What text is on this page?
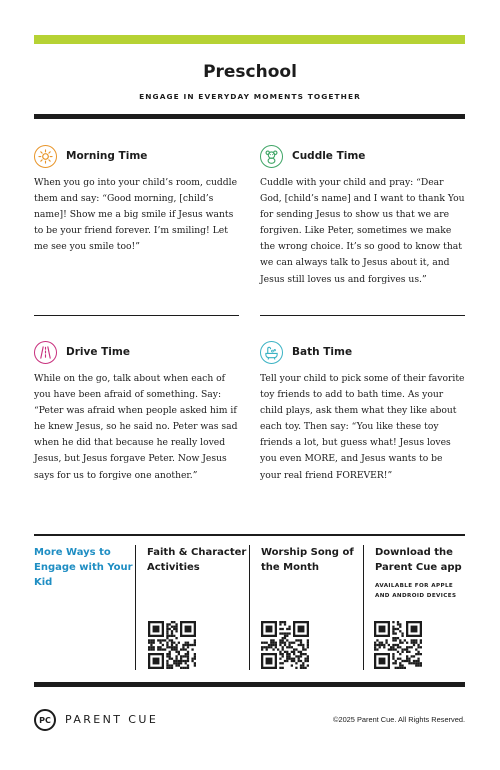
Preschool
ENGAGE IN EVERYDAY MOMENTS TOGETHER
Morning Time
When you go into your child’s room, cuddle them and say: “Good morning, [child’s name]! Show me a big smile if Jesus wants to be your friend forever. I’m smiling! Let me see you smile too!”
Cuddle Time
Cuddle with your child and pray: “Dear God, [child’s name] and I want to thank You for sending Jesus to show us that we are forgiven. Like Peter, sometimes we make the wrong choice. It’s so good to know that we can always talk to Jesus about it, and Jesus still loves us and forgives us.”
Drive Time
While on the go, talk about when each of you have been afraid of something. Say: “Peter was afraid when people asked him if he knew Jesus, so he said no. Peter was sad when he did that because he really loved Jesus, but Jesus forgave Peter. Now Jesus says for us to forgive one another.”
Bath Time
Tell your child to pick some of their favorite toy friends to add to bath time. As your child plays, ask them what they like about each toy. Then say: “You like these toy friends a lot, but guess what! Jesus loves you even MORE, and Jesus wants to be your real friend FOREVER!”
More Ways to Engage with Your Kid
Faith & Character Activities
Worship Song of the Month
Download the Parent Cue app
AVAILABLE FOR APPLE AND ANDROID DEVICES
PC	PARENT CUE	©2025 Parent Cue. All Rights Reserved.
